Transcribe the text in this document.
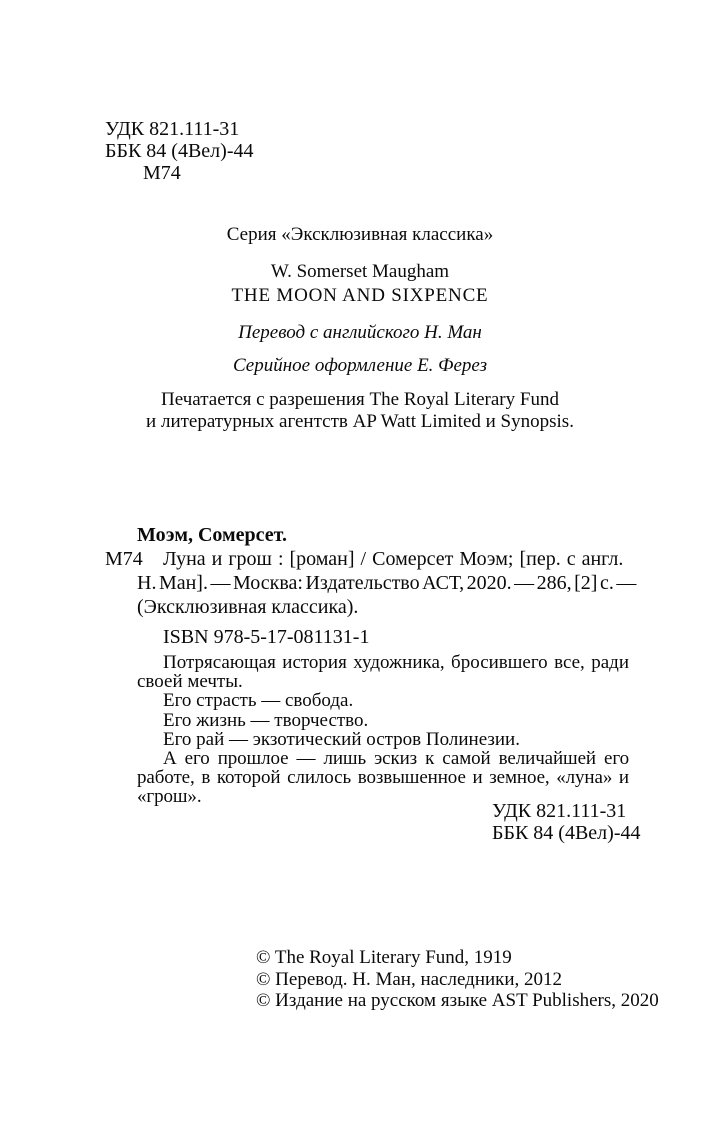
УДК 821.111-31
ББК 84 (4Вел)-44
М74
Серия «Эксклюзивная классика»
W. Somerset Maugham
THE MOON AND SIXPENCE
Перевод с английского Н. Ман
Серийное оформление Е. Ферез
Печатается с разрешения The Royal Literary Fund
и литературных агентств AP Watt Limited и Synopsis.
Моэм, Сомерсет.
М74 Луна и грош : [роман] / Сомерсет Моэм; [пер. с англ.
Н. Ман]. — Москва: Издательство АСТ, 2020. — 286, [2] с. —
(Эксклюзивная классика).
ISBN 978-5-17-081131-1

Потрясающая история художника, бросившего все, ради своей мечты.

Его страсть — свобода.

Его жизнь — творчество.

Его рай — экзотический остров Полинезии.

А его прошлое — лишь эскиз к самой величайшей его работе, в которой слилось возвышенное и земное, «луна» и «грош».

УДК 821.111-31
ББК 84 (4Вел)-44
© The Royal Literary Fund, 1919
© Перевод. Н. Ман, наследники, 2012
© Издание на русском языке AST Publishers, 2020
